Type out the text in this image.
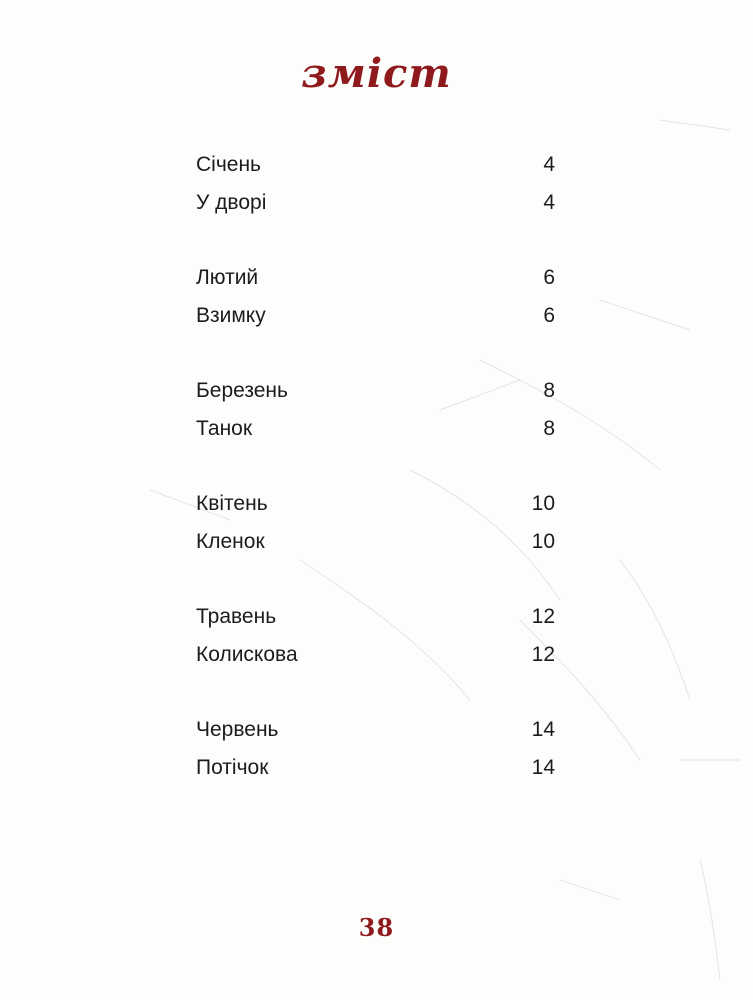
зміст
Січень	4
У дворі	4
Лютий	6
Взимку	6
Березень	8
Танок	8
Квітень	10
Кленок	10
Травень	12
Колискова	12
Червень	14
Потічок	14
38
